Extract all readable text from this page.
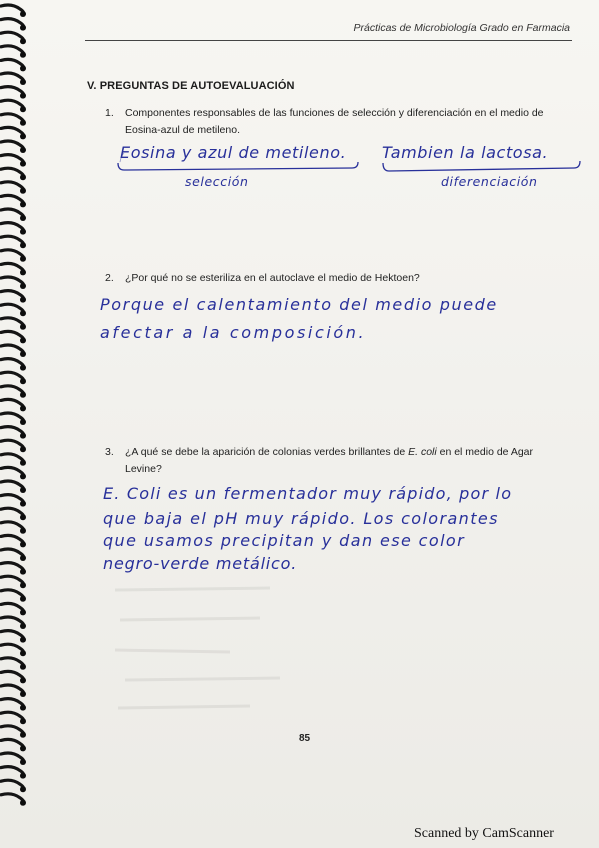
Prácticas de Microbiología Grado en Farmacia
V. PREGUNTAS DE AUTOEVALUACIÓN
1. Componentes responsables de las funciones de selección y diferenciación en el medio de
Eosina-azul de metileno.
Eosina y azul de metileno. Tambien la lactosa.
selección	diferenciación
2. ¿Por qué no se esteriliza en el autoclave el medio de Hektoen?
Porque el calentamiento del medio puede
afectar a la composición.
3. ¿A qué se debe la aparición de colonias verdes brillantes de E. coli en el medio de Agar
Levine?
E. Coli es un fermentador muy rápido, por lo
que baja el pH muy rápido. Los colorantes
que usamos precipitan y dan ese color
negro-verde metálico.
85
Scanned by CamScanner
